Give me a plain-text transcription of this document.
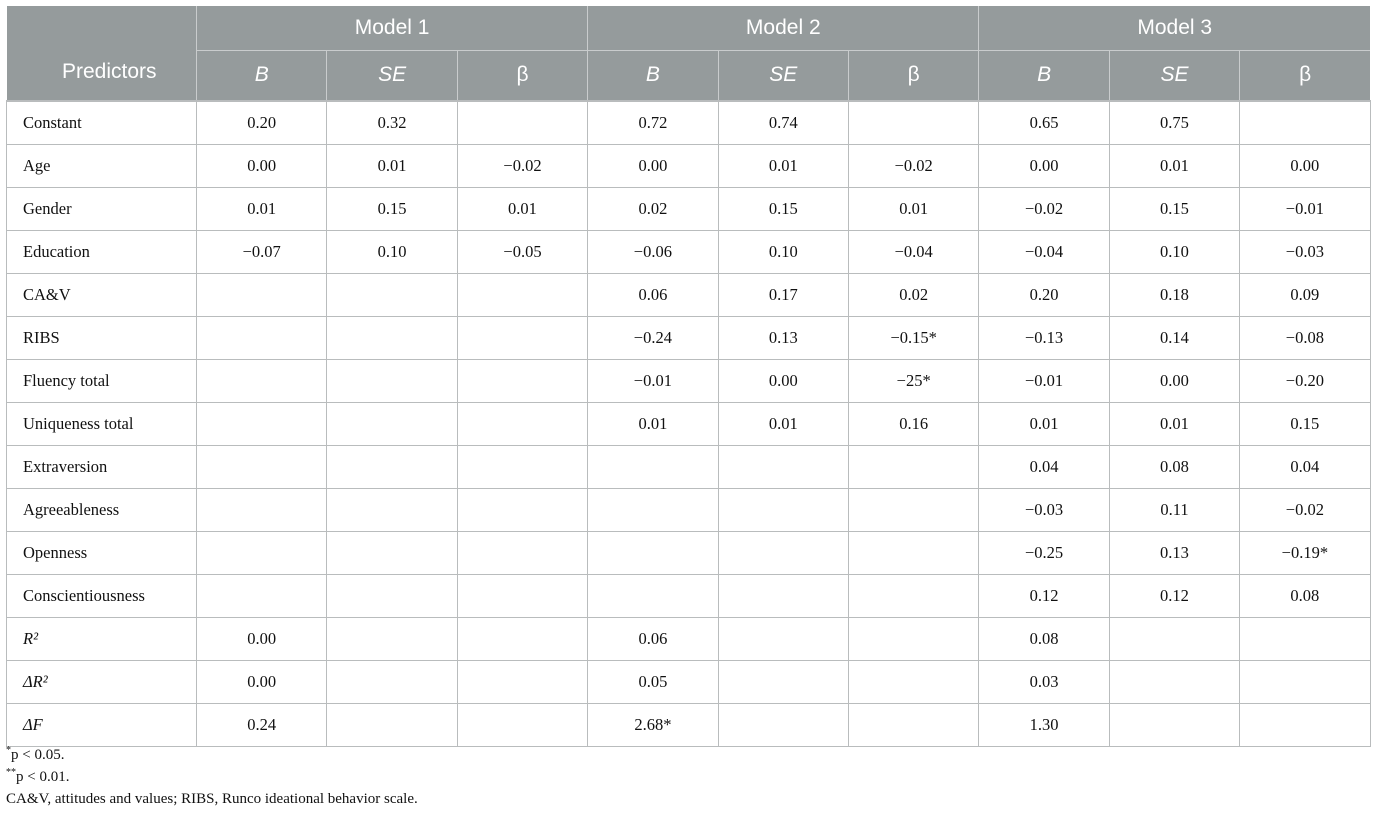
	Model 1			Model 2			Model 3		
Predictors	B	SE	β	B	SE	β	B	SE	β
Constant	0.20	0.32		0.72	0.74		0.65	0.75	
Age	0.00	0.01	−0.02	0.00	0.01	−0.02	0.00	0.01	0.00
Gender	0.01	0.15	0.01	0.02	0.15	0.01	−0.02	0.15	−0.01
Education	−0.07	0.10	−0.05	−0.06	0.10	−0.04	−0.04	0.10	−0.03
CA&V				0.06	0.17	0.02	0.20	0.18	0.09
RIBS				−0.24	0.13	−0.15*	−0.13	0.14	−0.08
Fluency total				−0.01	0.00	−25*	−0.01	0.00	−0.20
Uniqueness total				0.01	0.01	0.16	0.01	0.01	0.15
Extraversion							0.04	0.08	0.04
Agreeableness							−0.03	0.11	−0.02
Openness							−0.25	0.13	−0.19*
Conscientiousness							0.12	0.12	0.08
R²	0.00			0.06			0.08		
ΔR²	0.00			0.05			0.03		
ΔF	0.24			2.68*			1.30		
*p < 0.05.
**p < 0.01.
CA&V, attitudes and values; RIBS, Runco ideational behavior scale.
